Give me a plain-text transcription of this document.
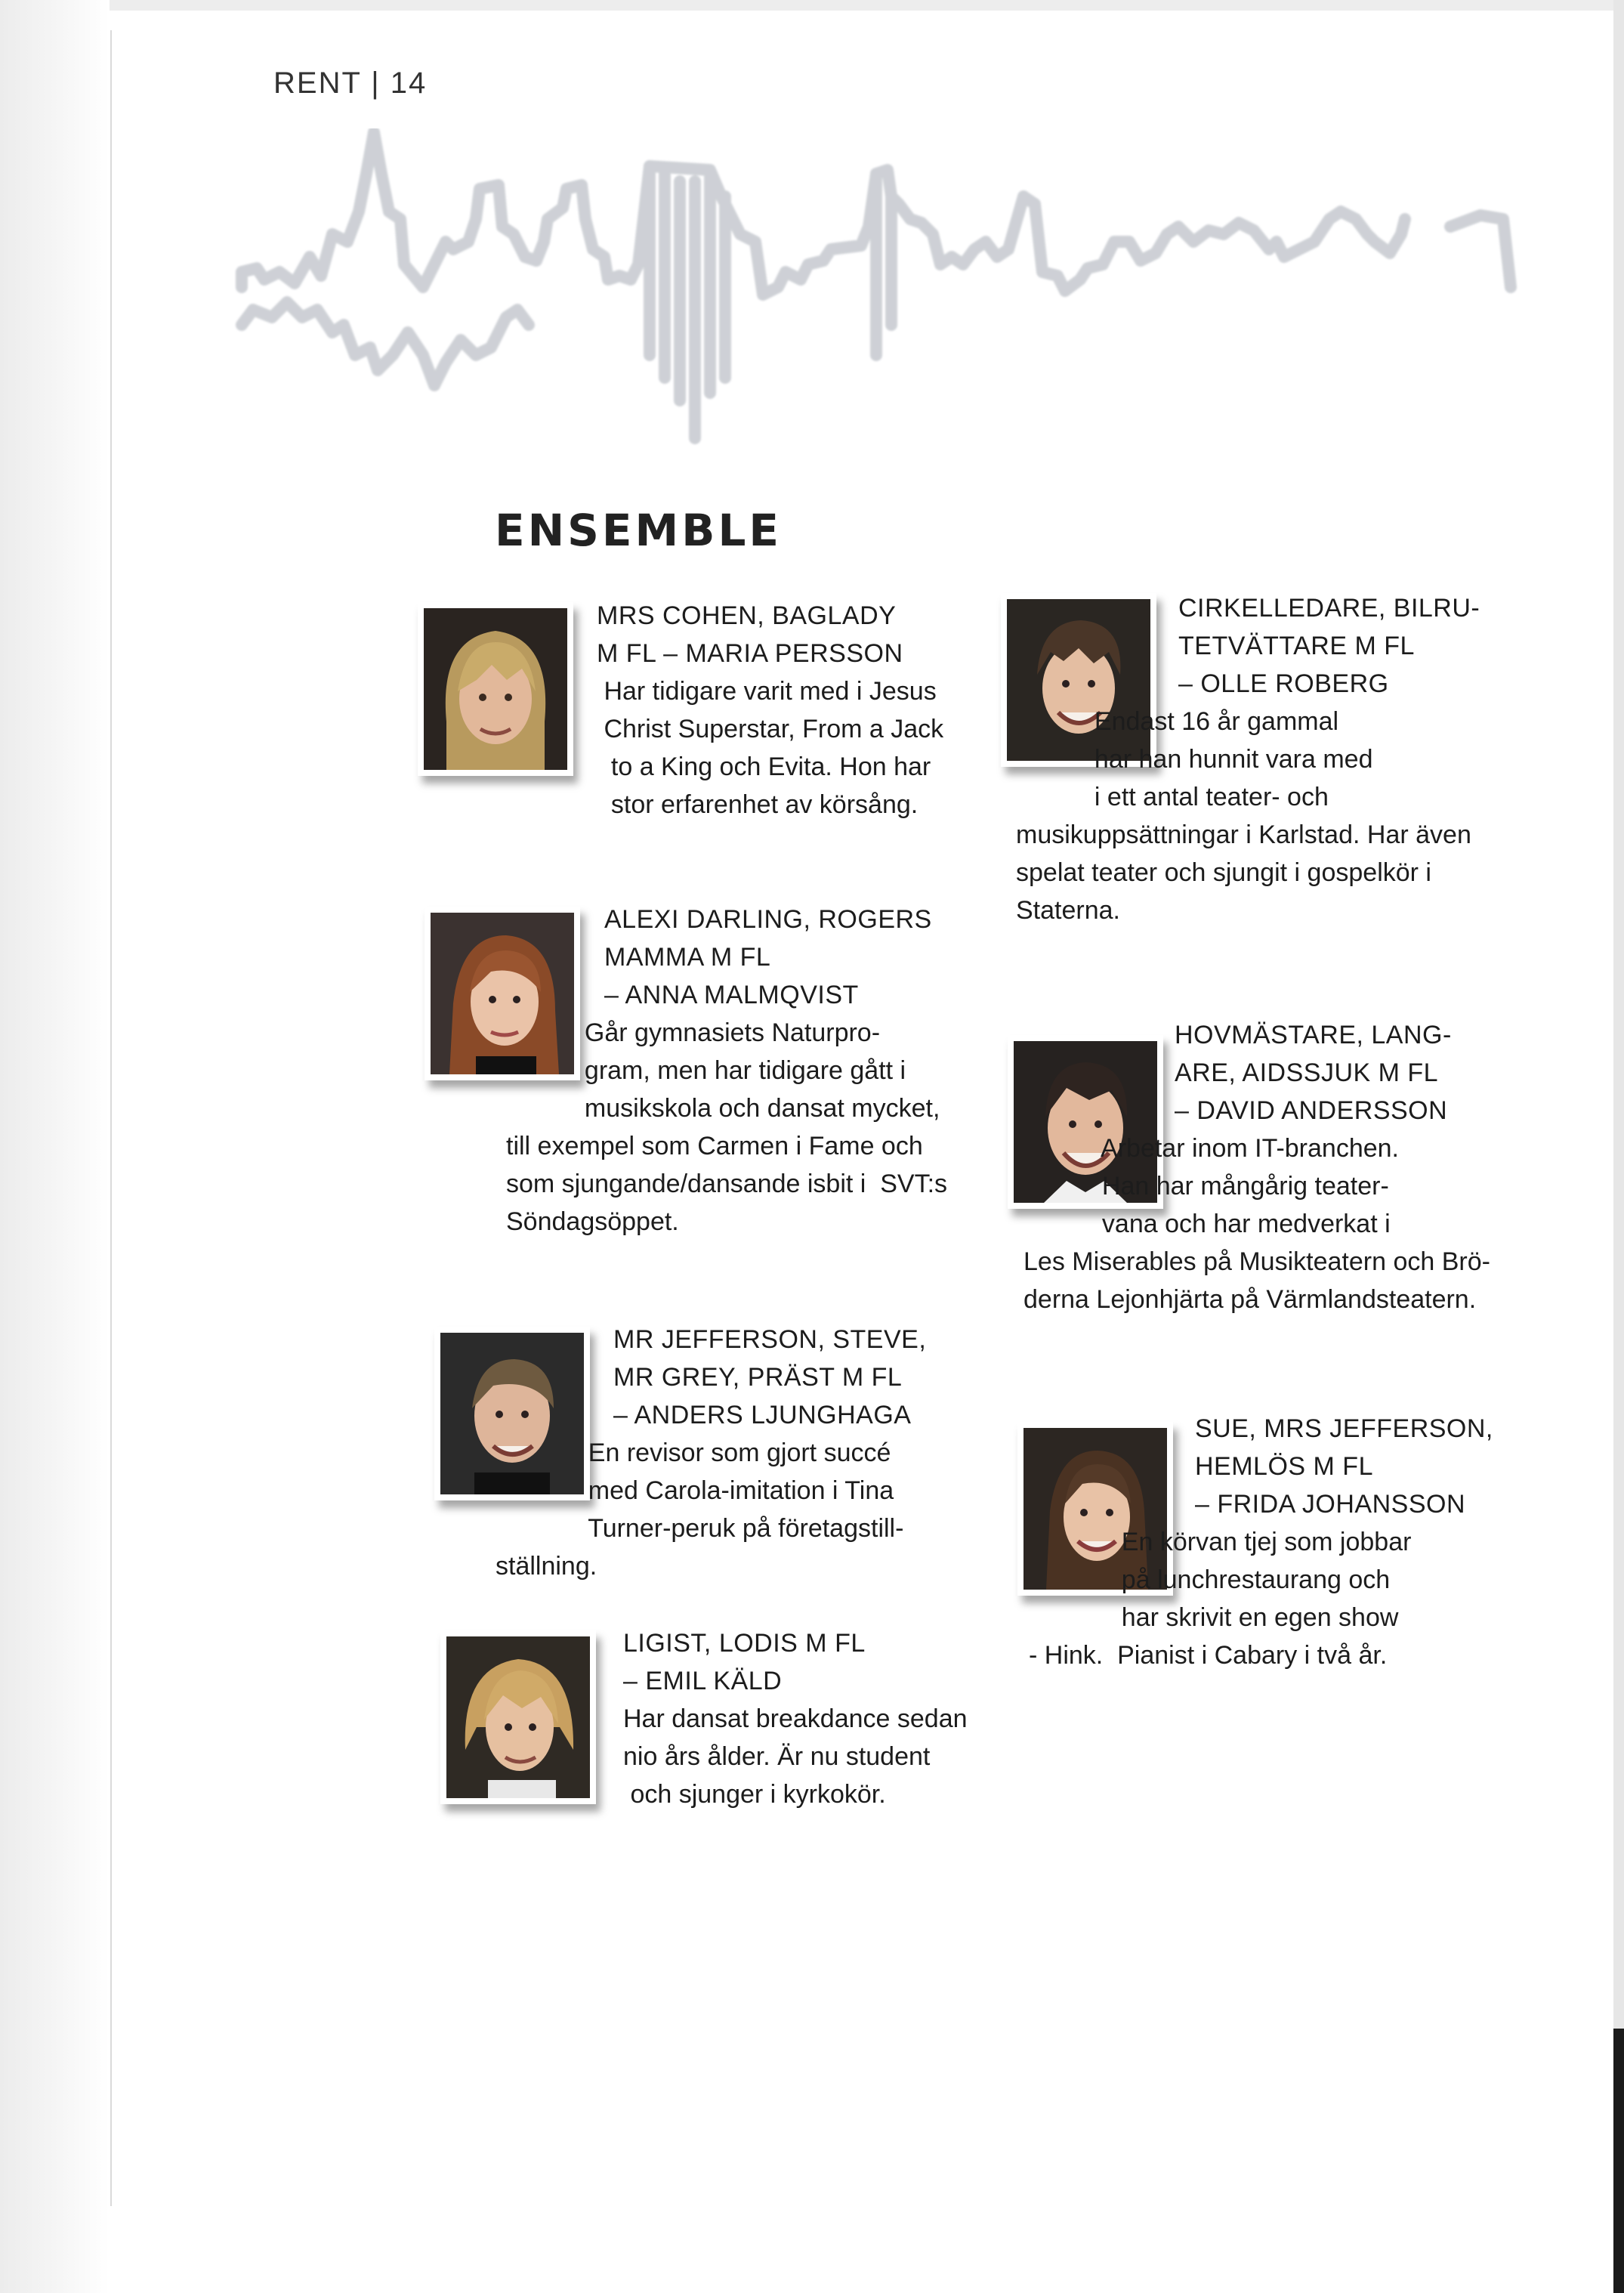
RENT | 14
ENSEMBLE
MRS COHEN, BAGLADY
M FL – MARIA PERSSON
Har tidigare varit med i Jesus
Christ Superstar, From a Jack
to a King och Evita. Hon har
stor erfarenhet av körsång.
ALEXI DARLING, ROGERS
MAMMA M FL
– ANNA MALMQVIST
Går gymnasiets Naturpro-
gram, men har tidigare gått i
musikskola och dansat mycket,
till exempel som Carmen i Fame och
som sjungande/dansande isbit i  SVT:s
Söndagsöppet.
MR JEFFERSON, STEVE,
MR GREY, PRÄST M FL
– ANDERS LJUNGHAGA
En revisor som gjort succé
med Carola-imitation i Tina
Turner-peruk på företagstill-
ställning.
LIGIST, LODIS M FL
– EMIL KÄLD
Har dansat breakdance sedan
nio års ålder. Är nu student
och sjunger i kyrkokör.
CIRKELLEDARE, BILRU-
TETVÄTTARE M FL
– OLLE ROBERG
Endast 16 år gammal
har han hunnit vara med
i ett antal teater- och
musikuppsättningar i Karlstad. Har även
spelat teater och sjungit i gospelkör i
Staterna.
HOVMÄSTARE, LANG-
ARE, AIDSSJUK M FL
– DAVID ANDERSSON
Arbetar inom IT-branchen.
Han har mångårig teater-
vana och har medverkat i
Les Miserables på Musikteatern och Brö-
derna Lejonhjärta på Värmlandsteatern.
SUE, MRS JEFFERSON,
HEMLÖS M FL
– FRIDA JOHANSSON
En körvan tjej som jobbar
på lunchrestaurang och
har skrivit en egen show
- Hink.  Pianist i Cabary i två år.
